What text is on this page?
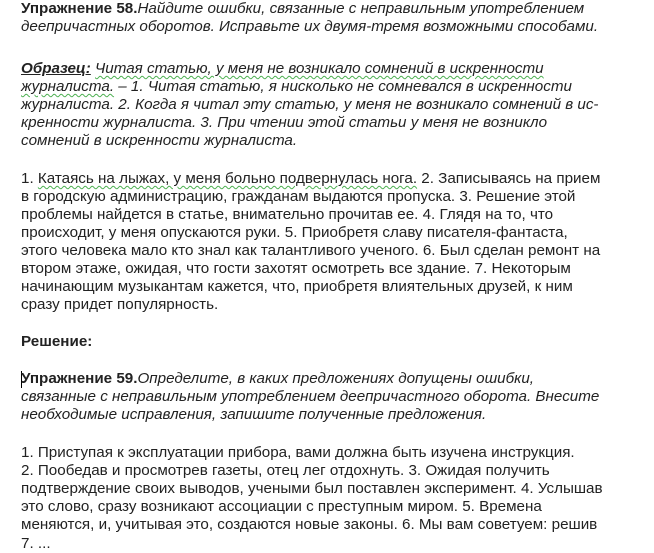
Упражнение 58.Найдите ошибки, связанные с неправильным употреблением
деепричастных оборотов. Исправьте их двумя-тремя возможными способами.
Образец: Читая статью, у меня не возникало сомнений в искренности
журналиста. – 1. Читая статью, я нисколько не сомневался в искренности
журналиста. 2. Когда я читал эту статью, у меня не возникало сомнений в ис-
кренности журналиста. 3. При чтении этой статьи у меня не возникло
сомнений в искренности журналиста.
1. Катаясь на лыжах, у меня больно подвернулась нога. 2. Записываясь на прием
в городскую администрацию, гражданам выдаются пропуска. 3. Решение этой
проблемы найдется в статье, внимательно прочитав ее. 4. Глядя на то, что
происходит, у меня опускаются руки. 5. Приобретя славу писателя-фантаста,
этого человека мало кто знал как талантливого ученого. 6. Был сделан ремонт на
втором этаже, ожидая, что гости захотят осмотреть все здание. 7. Некоторым
начинающим музыкантам кажется, что, приобретя влиятельных друзей, к ним
сразу придет популярность.
Решение:
Упражнение 59.Определите, в каких предложениях допущены ошибки,
связанные с неправильным употреблением деепричастного оборота. Внесите
необходимые исправления, запишите полученные предложения.
1. Приступая к эксплуатации прибора, вами должна быть изучена инструкция.
2. Пообедав и просмотрев газеты, отец лег отдохнуть. 3. Ожидая получить
подтверждение своих выводов, учеными был поставлен эксперимент. 4. Услышав
это слово, сразу возникают ассоциации с преступным миром. 5. Времена
меняются, и, учитывая это, создаются новые законы. 6. Мы вам советуем: решив
7. ...
